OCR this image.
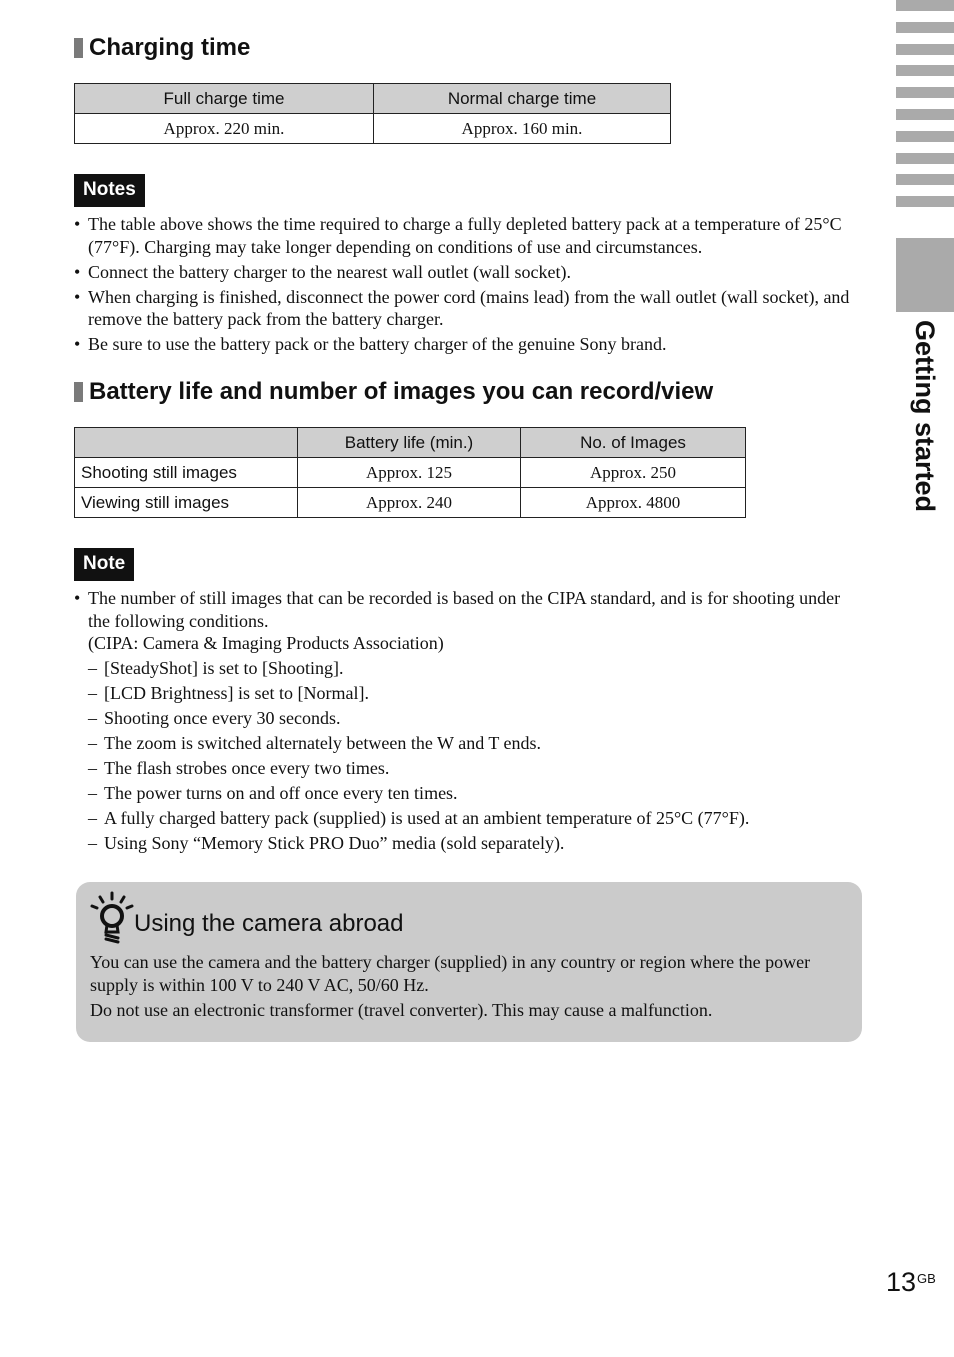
Getting started
Charging time
Full charge time	Normal charge time
Approx. 220 min.	Approx. 160 min.
Notes
• The table above shows the time required to charge a fully depleted battery pack at a temperature of 25°C (77°F). Charging may take longer depending on conditions of use and circumstances.
• Connect the battery charger to the nearest wall outlet (wall socket).
• When charging is finished, disconnect the power cord (mains lead) from the wall outlet (wall socket), and remove the battery pack from the battery charger.
• Be sure to use the battery pack or the battery charger of the genuine Sony brand.
Battery life and number of images you can record/view
	Battery life (min.)	No. of Images
Shooting still images	Approx. 125	Approx. 250
Viewing still images	Approx. 240	Approx. 4800
Note
• The number of still images that can be recorded is based on the CIPA standard, and is for shooting under the following conditions.
(CIPA: Camera & Imaging Products Association)
– [SteadyShot] is set to [Shooting].
– [LCD Brightness] is set to [Normal].
– Shooting once every 30 seconds.
– The zoom is switched alternately between the W and T ends.
– The flash strobes once every two times.
– The power turns on and off once every ten times.
– A fully charged battery pack (supplied) is used at an ambient temperature of 25°C (77°F).
– Using Sony “Memory Stick PRO Duo” media (sold separately).
Using the camera abroad

You can use the camera and the battery charger (supplied) in any country or region where the power supply is within 100 V to 240 V AC, 50/60 Hz.

Do not use an electronic transformer (travel converter). This may cause a malfunction.

$13^{GB}$
